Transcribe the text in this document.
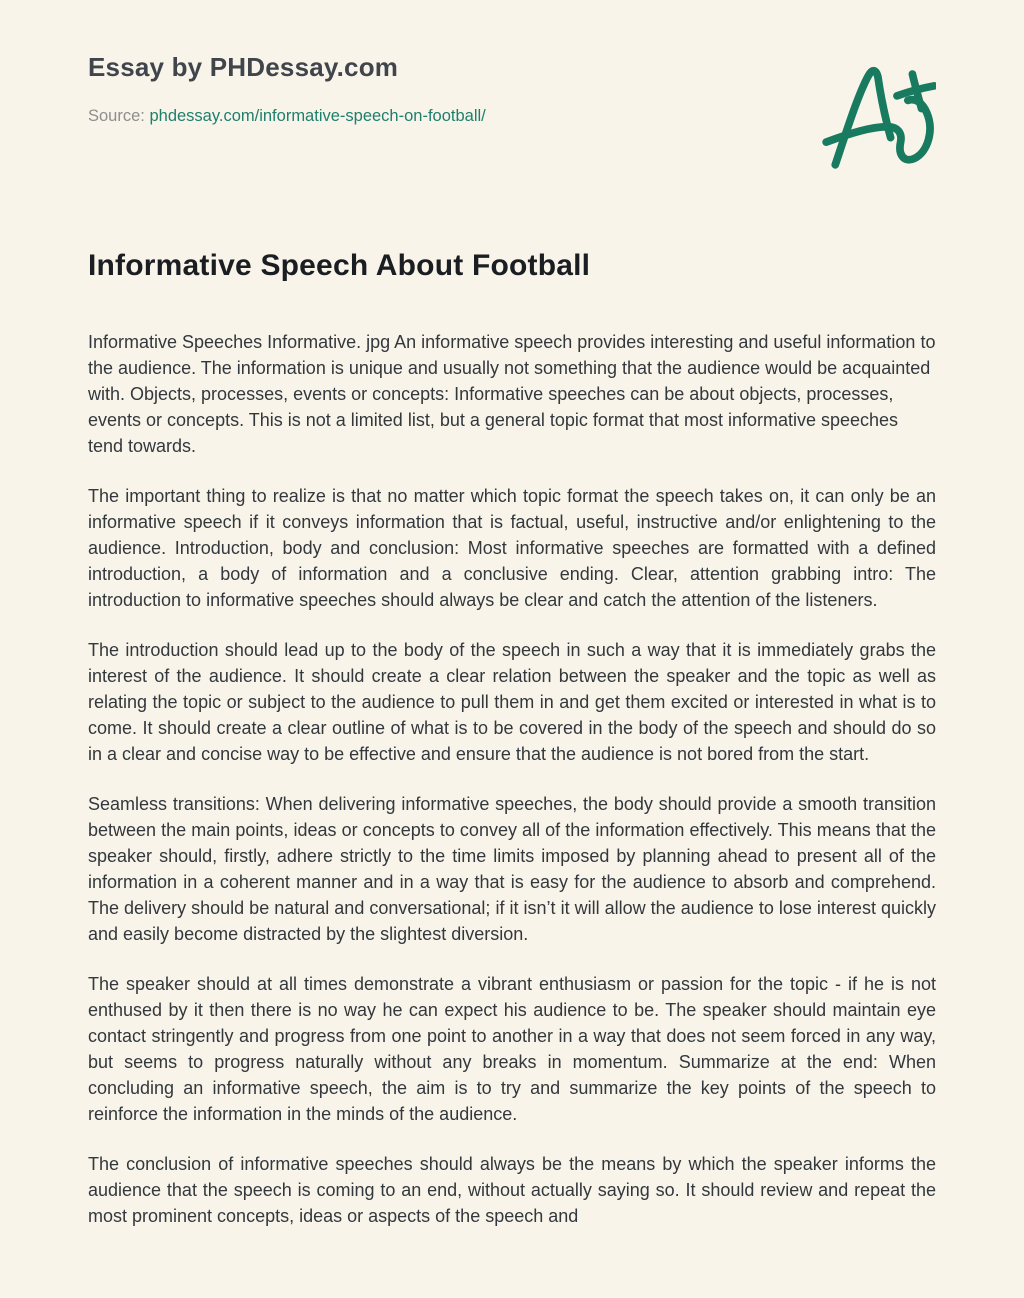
Essay by PHDessay.com
Source: phdessay.com/informative-speech-on-football/
Informative Speech About Football

Informative Speeches Informative. jpg An informative speech provides interesting and useful information to the audience. The information is unique and usually not something that the audience would be acquainted with. Objects, processes, events or concepts: Informative speeches can be about objects, processes, events or concepts. This is not a limited list, but a general topic format that most informative speeches tend towards.

The important thing to realize is that no matter which topic format the speech takes on, it can only be an informative speech if it conveys information that is factual, useful, instructive and/or enlightening to the audience. Introduction, body and conclusion: Most informative speeches are formatted with a defined introduction, a body of information and a conclusive ending. Clear, attention grabbing intro: The introduction to informative speeches should always be clear and catch the attention of the listeners.

The introduction should lead up to the body of the speech in such a way that it is immediately grabs the interest of the audience. It should create a clear relation between the speaker and the topic as well as relating the topic or subject to the audience to pull them in and get them excited or interested in what is to come. It should create a clear outline of what is to be covered in the body of the speech and should do so in a clear and concise way to be effective and ensure that the audience is not bored from the start.

Seamless transitions: When delivering informative speeches, the body should provide a smooth transition between the main points, ideas or concepts to convey all of the information effectively. This means that the speaker should, firstly, adhere strictly to the time limits imposed by planning ahead to present all of the information in a coherent manner and in a way that is easy for the audience to absorb and comprehend. The delivery should be natural and conversational; if it isn’t it will allow the audience to lose interest quickly and easily become distracted by the slightest diversion.

The speaker should at all times demonstrate a vibrant enthusiasm or passion for the topic - if he is not enthused by it then there is no way he can expect his audience to be. The speaker should maintain eye contact stringently and progress from one point to another in a way that does not seem forced in any way, but seems to progress naturally without any breaks in momentum. Summarize at the end: When concluding an informative speech, the aim is to try and summarize the key points of the speech to reinforce the information in the minds of the audience.

The conclusion of informative speeches should always be the means by which the speaker informs the audience that the speech is coming to an end, without actually saying so. It should review and repeat the most prominent concepts, ideas or aspects of the speech and
